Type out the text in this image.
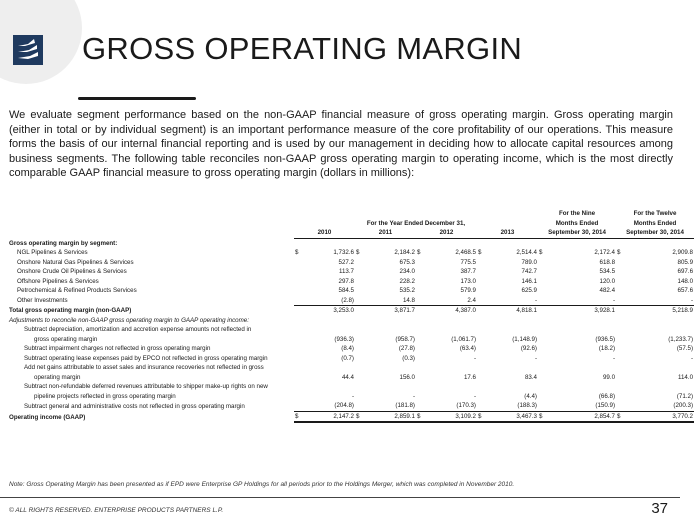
GROSS OPERATING MARGIN

We evaluate segment performance based on the non-GAAP financial measure of gross operating margin. Gross operating margin (either in total or by individual segment) is an important performance measure of the core profitability of our operations. This measure forms the basis of our internal financial reporting and is used by our management in deciding how to allocate capital resources among business segments. The following table reconciles non-GAAP gross operating margin to operating income, which is the most directly comparable GAAP financial measure to gross operating margin (dollars in millions):

									For the Nine		For the Twelve	
	For the Year Ended December 31,								Months Ended		Months Ended	
	2010		2011		2012		2013		September 30, 2014		September 30, 2014	
Gross operating margin by segment:												
NGL Pipelines & Services	$	1,732.6	$	2,184.2	$	2,468.5	$	2,514.4	$	2,172.4	$	2,909.8
Onshore Natural Gas Pipelines & Services		527.2		675.3		775.5		789.0		618.8		805.9
Onshore Crude Oil Pipelines & Services		113.7		234.0		387.7		742.7		534.5		697.6
Offshore Pipelines & Services		297.8		228.2		173.0		146.1		120.0		148.0
Petrochemical & Refined Products Services		584.5		535.2		579.9		625.9		482.4		657.6
Other Investments		(2.8)		14.8		2.4		-		-		-
Total gross operating margin (non-GAAP)		3,253.0		3,871.7		4,387.0		4,818.1		3,928.1		5,218.9
Adjustments to reconcile non-GAAP gross operating margin to GAAP operating income:												
Subtract depreciation, amortization and accretion expense amounts not reflected in												
gross operating margin		(936.3)		(958.7)		(1,061.7)		(1,148.9)		(936.5)		(1,233.7)
Subtract impairment charges not reflected in gross operating margin		(8.4)		(27.8)		(63.4)		(92.6)		(18.2)		(57.5)
Subtract operating lease expenses paid by EPCO not reflected in gross operating margin		(0.7)		(0.3)		-		-		-		-
Add net gains attributable to asset sales and insurance recoveries not reflected in gross												
operating margin		44.4		156.0		17.6		83.4		99.0		114.0
Subtract non-refundable deferred revenues attributable to shipper make-up rights on new												
pipeline projects reflected in gross operating margin		-		-		-		(4.4)		(66.8)		(71.2)
Subtract general and administrative costs not reflected in gross operating margin		(204.8)		(181.8)		(170.3)		(188.3)		(150.9)		(200.3)
Operating income (GAAP)	$	2,147.2	$	2,859.1	$	3,109.2	$	3,467.3	$	2,854.7	$	3,770.2
Note: Gross Operating Margin has been presented as if EPD were Enterprise GP Holdings for all periods prior to the Holdings Merger, which was completed in November 2010.
© ALL RIGHTS RESERVED. ENTERPRISE PRODUCTS PARTNERS L.P.	37
